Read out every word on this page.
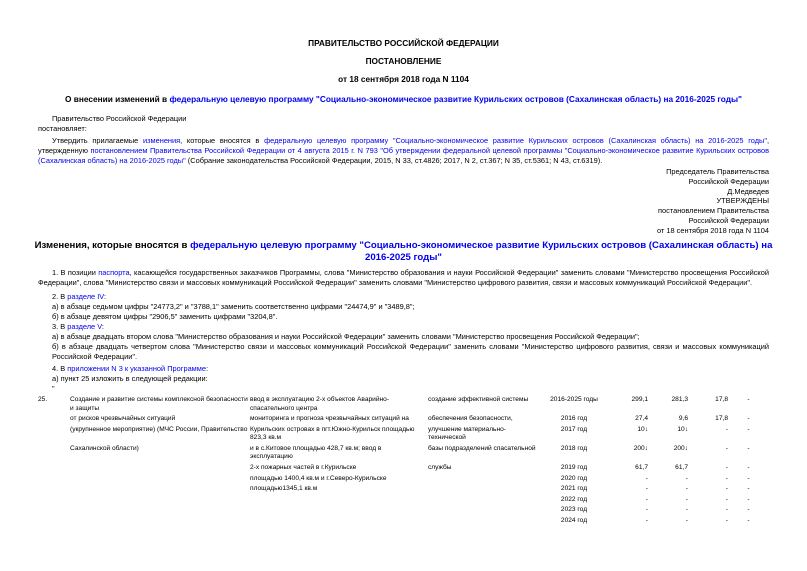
ПРАВИТЕЛЬСТВО РОССИЙСКОЙ ФЕДЕРАЦИИ
ПОСТАНОВЛЕНИЕ
от 18 сентября 2018 года N 1104
О внесении изменений в федеральную целевую программу "Социально-экономическое развитие Курильских островов (Сахалинская область) на 2016-2025 годы"
Правительство Российской Федерации
постановляет:
Утвердить прилагаемые изменения, которые вносятся в федеральную целевую программу "Социально-экономическое развитие Курильских островов (Сахалинская область) на 2016-2025 годы", утвержденную постановлением Правительства Российской Федерации от 4 августа 2015 г. N 793 "Об утверждении федеральной целевой программы "Социально-экономическое развитие Курильских островов (Сахалинская область) на 2016-2025 годы" (Собрание законодательства Российской Федерации, 2015, N 33, ст.4826; 2017, N 2, ст.367; N 35, ст.5361; N 43, ст.6319).
Председатель Правительства
Российской Федерации
Д.Медведев
УТВЕРЖДЕНЫ
постановлением Правительства
Российской Федерации
от 18 сентября 2018 года N 1104
Изменения, которые вносятся в федеральную целевую программу "Социально-экономическое развитие Курильских островов (Сахалинская область) на 2016-2025 годы"
1. В позиции паспорта, касающейся государственных заказчиков Программы, слова "Министерство образования и науки Российской Федерации" заменить словами "Министерство просвещения Российской Федерации", слова "Министерство связи и массовых коммуникаций Российской Федерации" заменить словами "Министерство цифрового развития, связи и массовых коммуникаций Российской Федерации".
2. В разделе IV:
а) в абзаце седьмом цифры "24773,2" и "3788,1" заменить соответственно цифрами "24474,9" и "3489,8";
б) в абзаце девятом цифры "2906,5" заменить цифрами "3204,8".
3. В разделе V:
а) в абзаце двадцать втором слова "Министерство образования и науки Российской Федерации" заменить словами "Министерство просвещения Российской Федерации";
б) в абзаце двадцать четвертом слова "Министерство связи и массовых коммуникаций Российской Федерации" заменить словами "Министерство цифрового развития, связи и массовых коммуникаций Российской Федерации".
4. В приложении N 3 к указанной Программе:
а) пункт 25 изложить в следующей редакции:
"
25.	Создание и развитие системы комплексной безопасности и защиты	ввод в эксплуатацию 2-х объектов Аварийно-спасательного центра	создание эффективной системы	2016-2025 годы	299,1	281,3	17,8	-
	от рисков чрезвычайных ситуаций	мониторинга и прогноза чрезвычайных ситуаций на	обеспечения безопасности,	2016 год	27,4	9,6	17,8	-
	(укрупненное мероприятие) (МЧС России, Правительство	Курильских островах в пгт.Южно-Курильск площадью 823,3 кв.м	улучшение материально-технической	2017 год	10↓	10↓	-	-
	Сахалинской области)	и в с.Китовое площадью 428,7 кв.м; ввод в эксплуатацию	базы подразделений спасательной	2018 год	200↓	200↓	-	-
		2-х пожарных частей в г.Курильске	службы	2019 год	61,7	61,7	-	-
		площадью 1400,4 кв.м и г.Северо-Курильске		2020 год	-	-	-	-
		площадью1345,1 кв.м		2021 год	-	-	-	-
				2022 год	-	-	-	-
				2023 год	-	-	-	-
				2024 год	-	-	-	-
